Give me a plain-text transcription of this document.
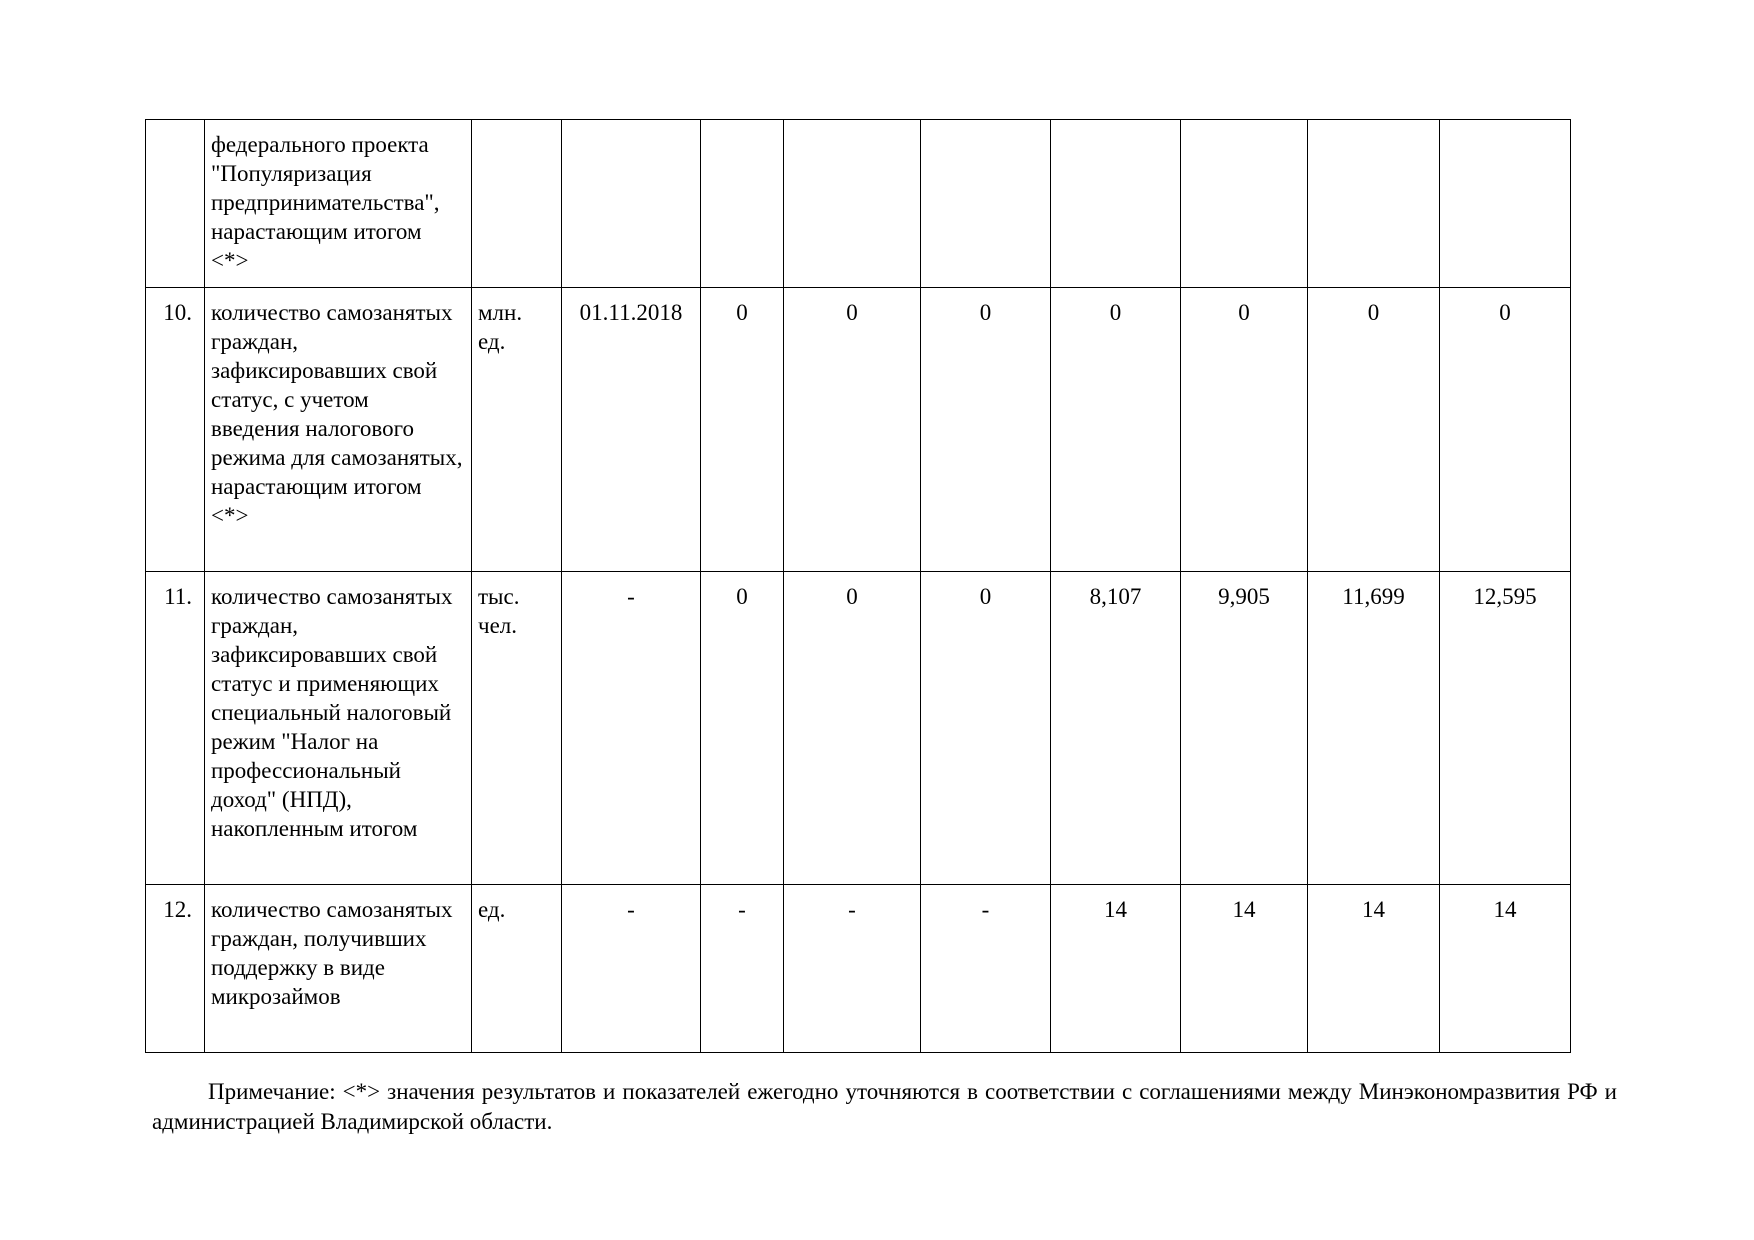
	федерального проекта "Популяризация предпринимательства", нарастающим итогом <*>									
10.	количество самозанятых граждан, зафиксировавших свой статус, с учетом введения налогового режима для самозанятых, нарастающим итогом <*>	млн. ед.	01.11.2018	0	0	0	0	0	0	0
11.	количество самозанятых граждан, зафиксировавших свой статус и применяющих специальный налоговый режим "Налог на профессиональный доход" (НПД), накопленным итогом	тыс. чел.	-	0	0	0	8,107	9,905	11,699	12,595
12.	количество самозанятых граждан, получивших поддержку в виде микрозаймов	ед.	-	-	-	-	14	14	14	14

Примечание: <*> значения результатов и показателей ежегодно уточняются в соответствии с соглашениями между Минэкономразвития РФ и администрацией Владимирской области.
